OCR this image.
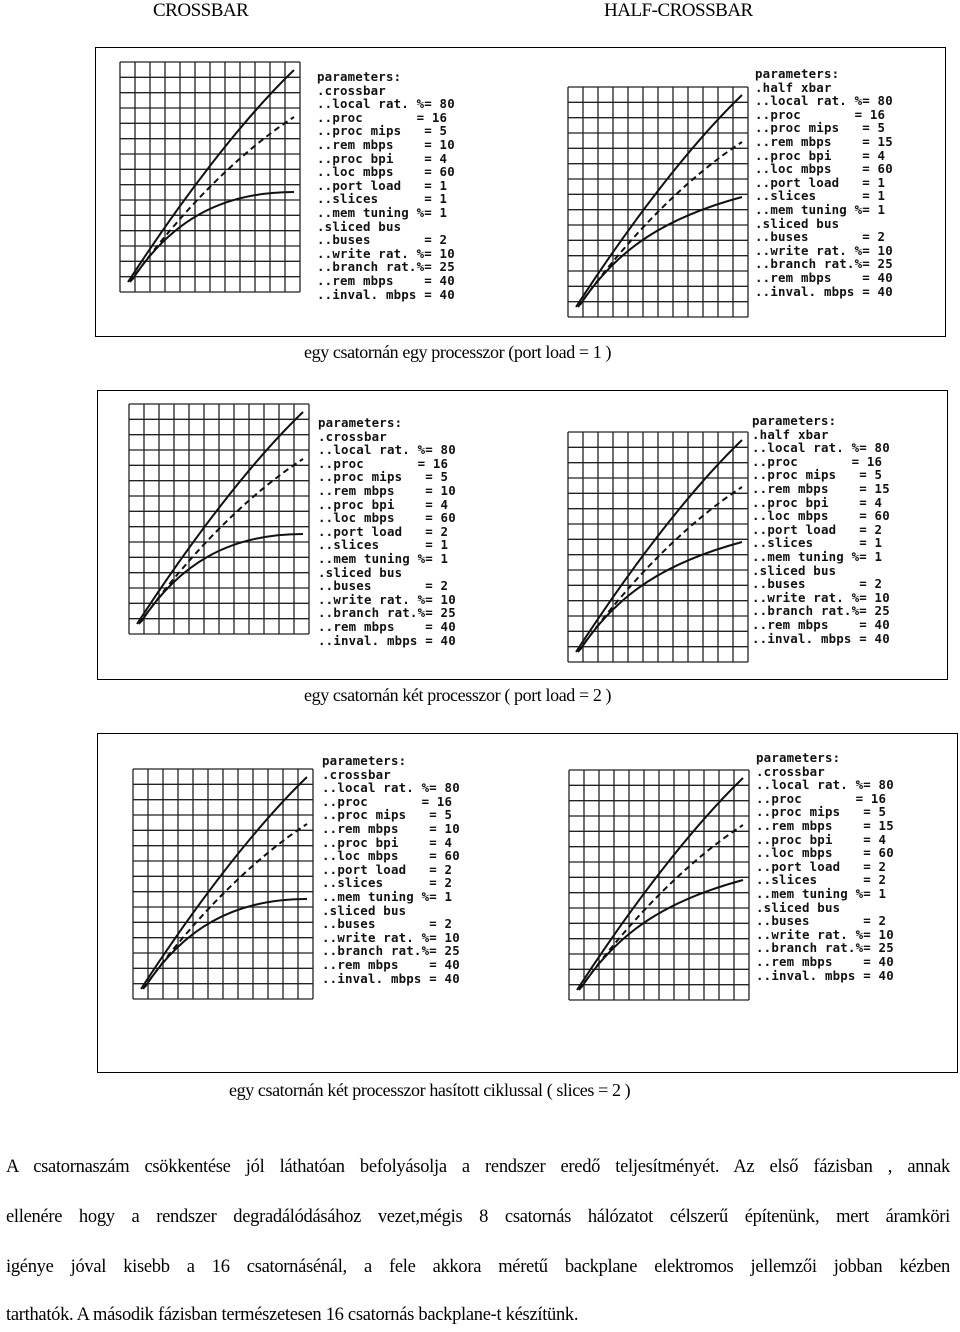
CROSSBAR	HALF-CROSSBAR
parameters:
.crossbar
..local rat. %= 80
..proc       = 16
..proc mips   = 5
..rem mbps    = 10
..proc bpi    = 4
..loc mbps    = 60
..port load   = 1
..slices      = 1
..mem tuning %= 1
.sliced bus
..buses       = 2
..write rat. %= 10
..branch rat.%= 25
..rem mbps    = 40
..inval. mbps = 40
parameters:
.half xbar
..local rat. %= 80
..proc       = 16
..proc mips   = 5
..rem mbps    = 15
..proc bpi    = 4
..loc mbps    = 60
..port load   = 1
..slices      = 1
..mem tuning %= 1
.sliced bus
..buses       = 2
..write rat. %= 10
..branch rat.%= 25
..rem mbps    = 40
..inval. mbps = 40
egy csatornán egy processzor (port load = 1 )
parameters:
.crossbar
..local rat. %= 80
..proc       = 16
..proc mips   = 5
..rem mbps    = 10
..proc bpi    = 4
..loc mbps    = 60
..port load   = 2
..slices      = 1
..mem tuning %= 1
.sliced bus
..buses       = 2
..write rat. %= 10
..branch rat.%= 25
..rem mbps    = 40
..inval. mbps = 40
parameters:
.half xbar
..local rat. %= 80
..proc       = 16
..proc mips   = 5
..rem mbps    = 15
..proc bpi    = 4
..loc mbps    = 60
..port load   = 2
..slices      = 1
..mem tuning %= 1
.sliced bus
..buses       = 2
..write rat. %= 10
..branch rat.%= 25
..rem mbps    = 40
..inval. mbps = 40
egy csatornán két processzor ( port load = 2 )
parameters:
.crossbar
..local rat. %= 80
..proc       = 16
..proc mips   = 5
..rem mbps    = 10
..proc bpi    = 4
..loc mbps    = 60
..port load   = 2
..slices      = 2
..mem tuning %= 1
.sliced bus
..buses       = 2
..write rat. %= 10
..branch rat.%= 25
..rem mbps    = 40
..inval. mbps = 40
parameters:
.crossbar
..local rat. %= 80
..proc       = 16
..proc mips   = 5
..rem mbps    = 15
..proc bpi    = 4
..loc mbps    = 60
..port load   = 2
..slices      = 2
..mem tuning %= 1
.sliced bus
..buses       = 2
..write rat. %= 10
..branch rat.%= 25
..rem mbps    = 40
..inval. mbps = 40
egy csatornán két processzor hasított ciklussal ( slices = 2 )
A csatornaszám csökkentése jól láthatóan befolyásolja a rendszer eredő teljesítményét. Az első fázisban , annak
ellenére hogy a rendszer degradálódásához vezet,mégis 8 csatornás hálózatot célszerű építenünk, mert áramköri
igénye jóval kisebb a 16 csatornásénál, a fele akkora méretű backplane elektromos jellemzői jobban kézben
tarthatók. A második fázisban természetesen 16 csatornás backplane-t készítünk.
